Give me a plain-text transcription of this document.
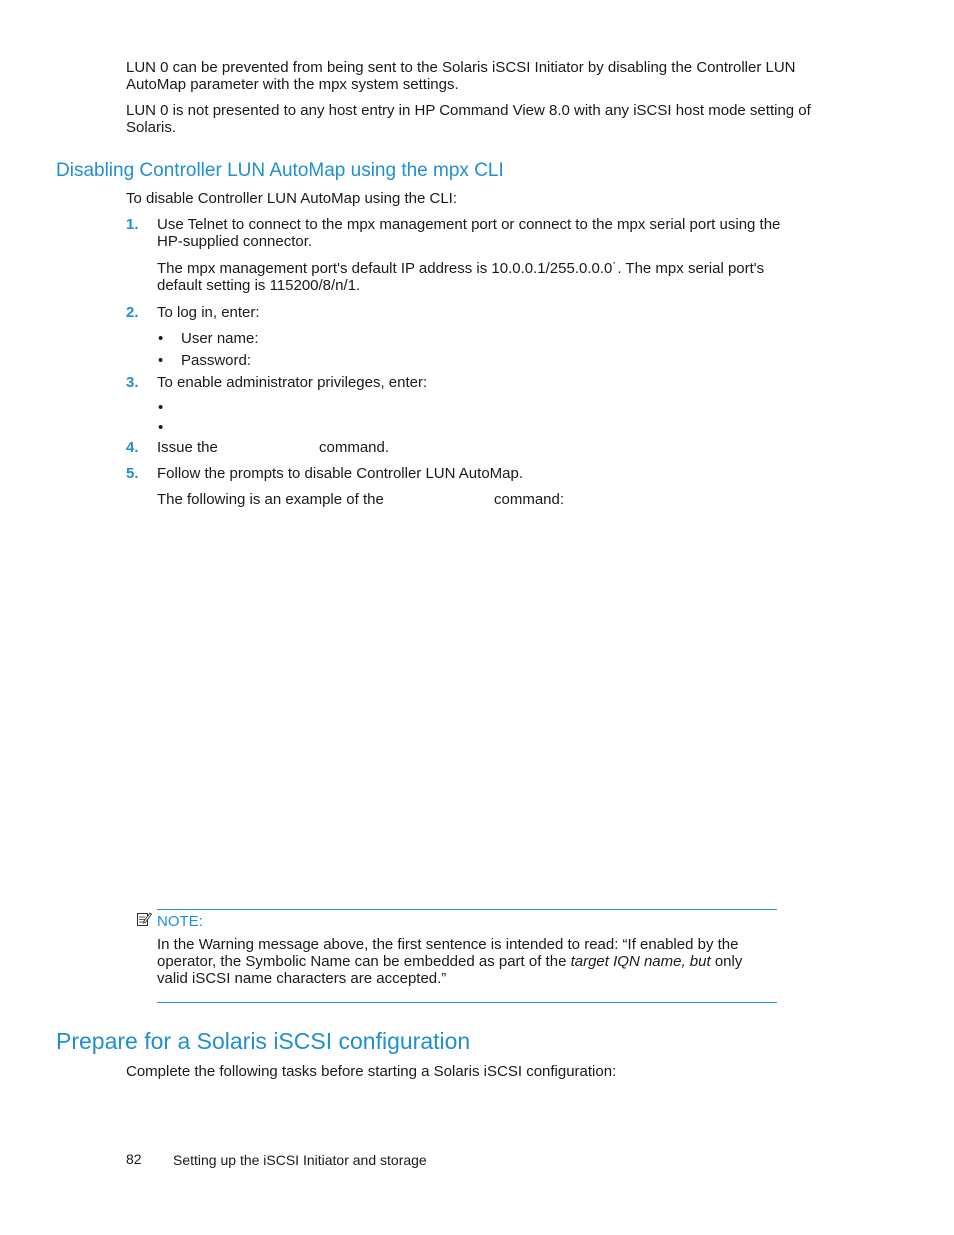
LUN 0 can be prevented from being sent to the Solaris iSCSI Initiator by disabling the Controller LUN AutoMap parameter with the mpx system settings.
LUN 0 is not presented to any host entry in HP Command View 8.0 with any iSCSI host mode setting of Solaris.
Disabling Controller LUN AutoMap using the mpx CLI
To disable Controller LUN AutoMap using the CLI:
1. Use Telnet to connect to the mpx management port or connect to the mpx serial port using the HP-supplied connector.
The mpx management port's default IP address is 10.0.0.1/255.0.0.0˙. The mpx serial port's default setting is 115200/8/n/1.
2. To log in, enter:
• User name:
• Password:
3. To enable administrator privileges, enter:
•
•
4. Issue the	command.
5. Follow the prompts to disable Controller LUN AutoMap.
The following is an example of the	command:
NOTE:
In the Warning message above, the first sentence is intended to read: “If enabled by the operator, the Symbolic Name can be embedded as part of the target IQN name, but only valid iSCSI name characters are accepted.”
Prepare for a Solaris iSCSI configuration
Complete the following tasks before starting a Solaris iSCSI configuration:
82 Setting up the iSCSI Initiator and storage
